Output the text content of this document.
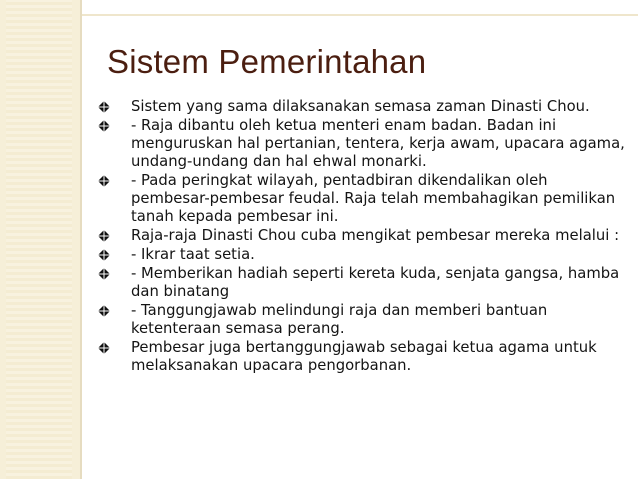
Sistem Pemerintahan
Sistem yang sama dilaksanakan semasa zaman Dinasti Chou.
- Raja dibantu oleh ketua menteri enam badan. Badan ini menguruskan hal pertanian, tentera, kerja awam, upacara agama, undang-undang dan hal ehwal monarki.
- Pada peringkat wilayah, pentadbiran dikendalikan oleh pembesar-pembesar feudal. Raja telah membahagikan pemilikan tanah kepada pembesar ini.
Raja-raja Dinasti Chou cuba mengikat pembesar mereka melalui :
- Ikrar taat setia.
- Memberikan hadiah seperti kereta kuda, senjata gangsa, hamba dan binatang
- Tanggungjawab melindungi raja dan memberi bantuan ketenteraan semasa perang.
Pembesar juga bertanggungjawab sebagai ketua agama untuk melaksanakan upacara pengorbanan.
